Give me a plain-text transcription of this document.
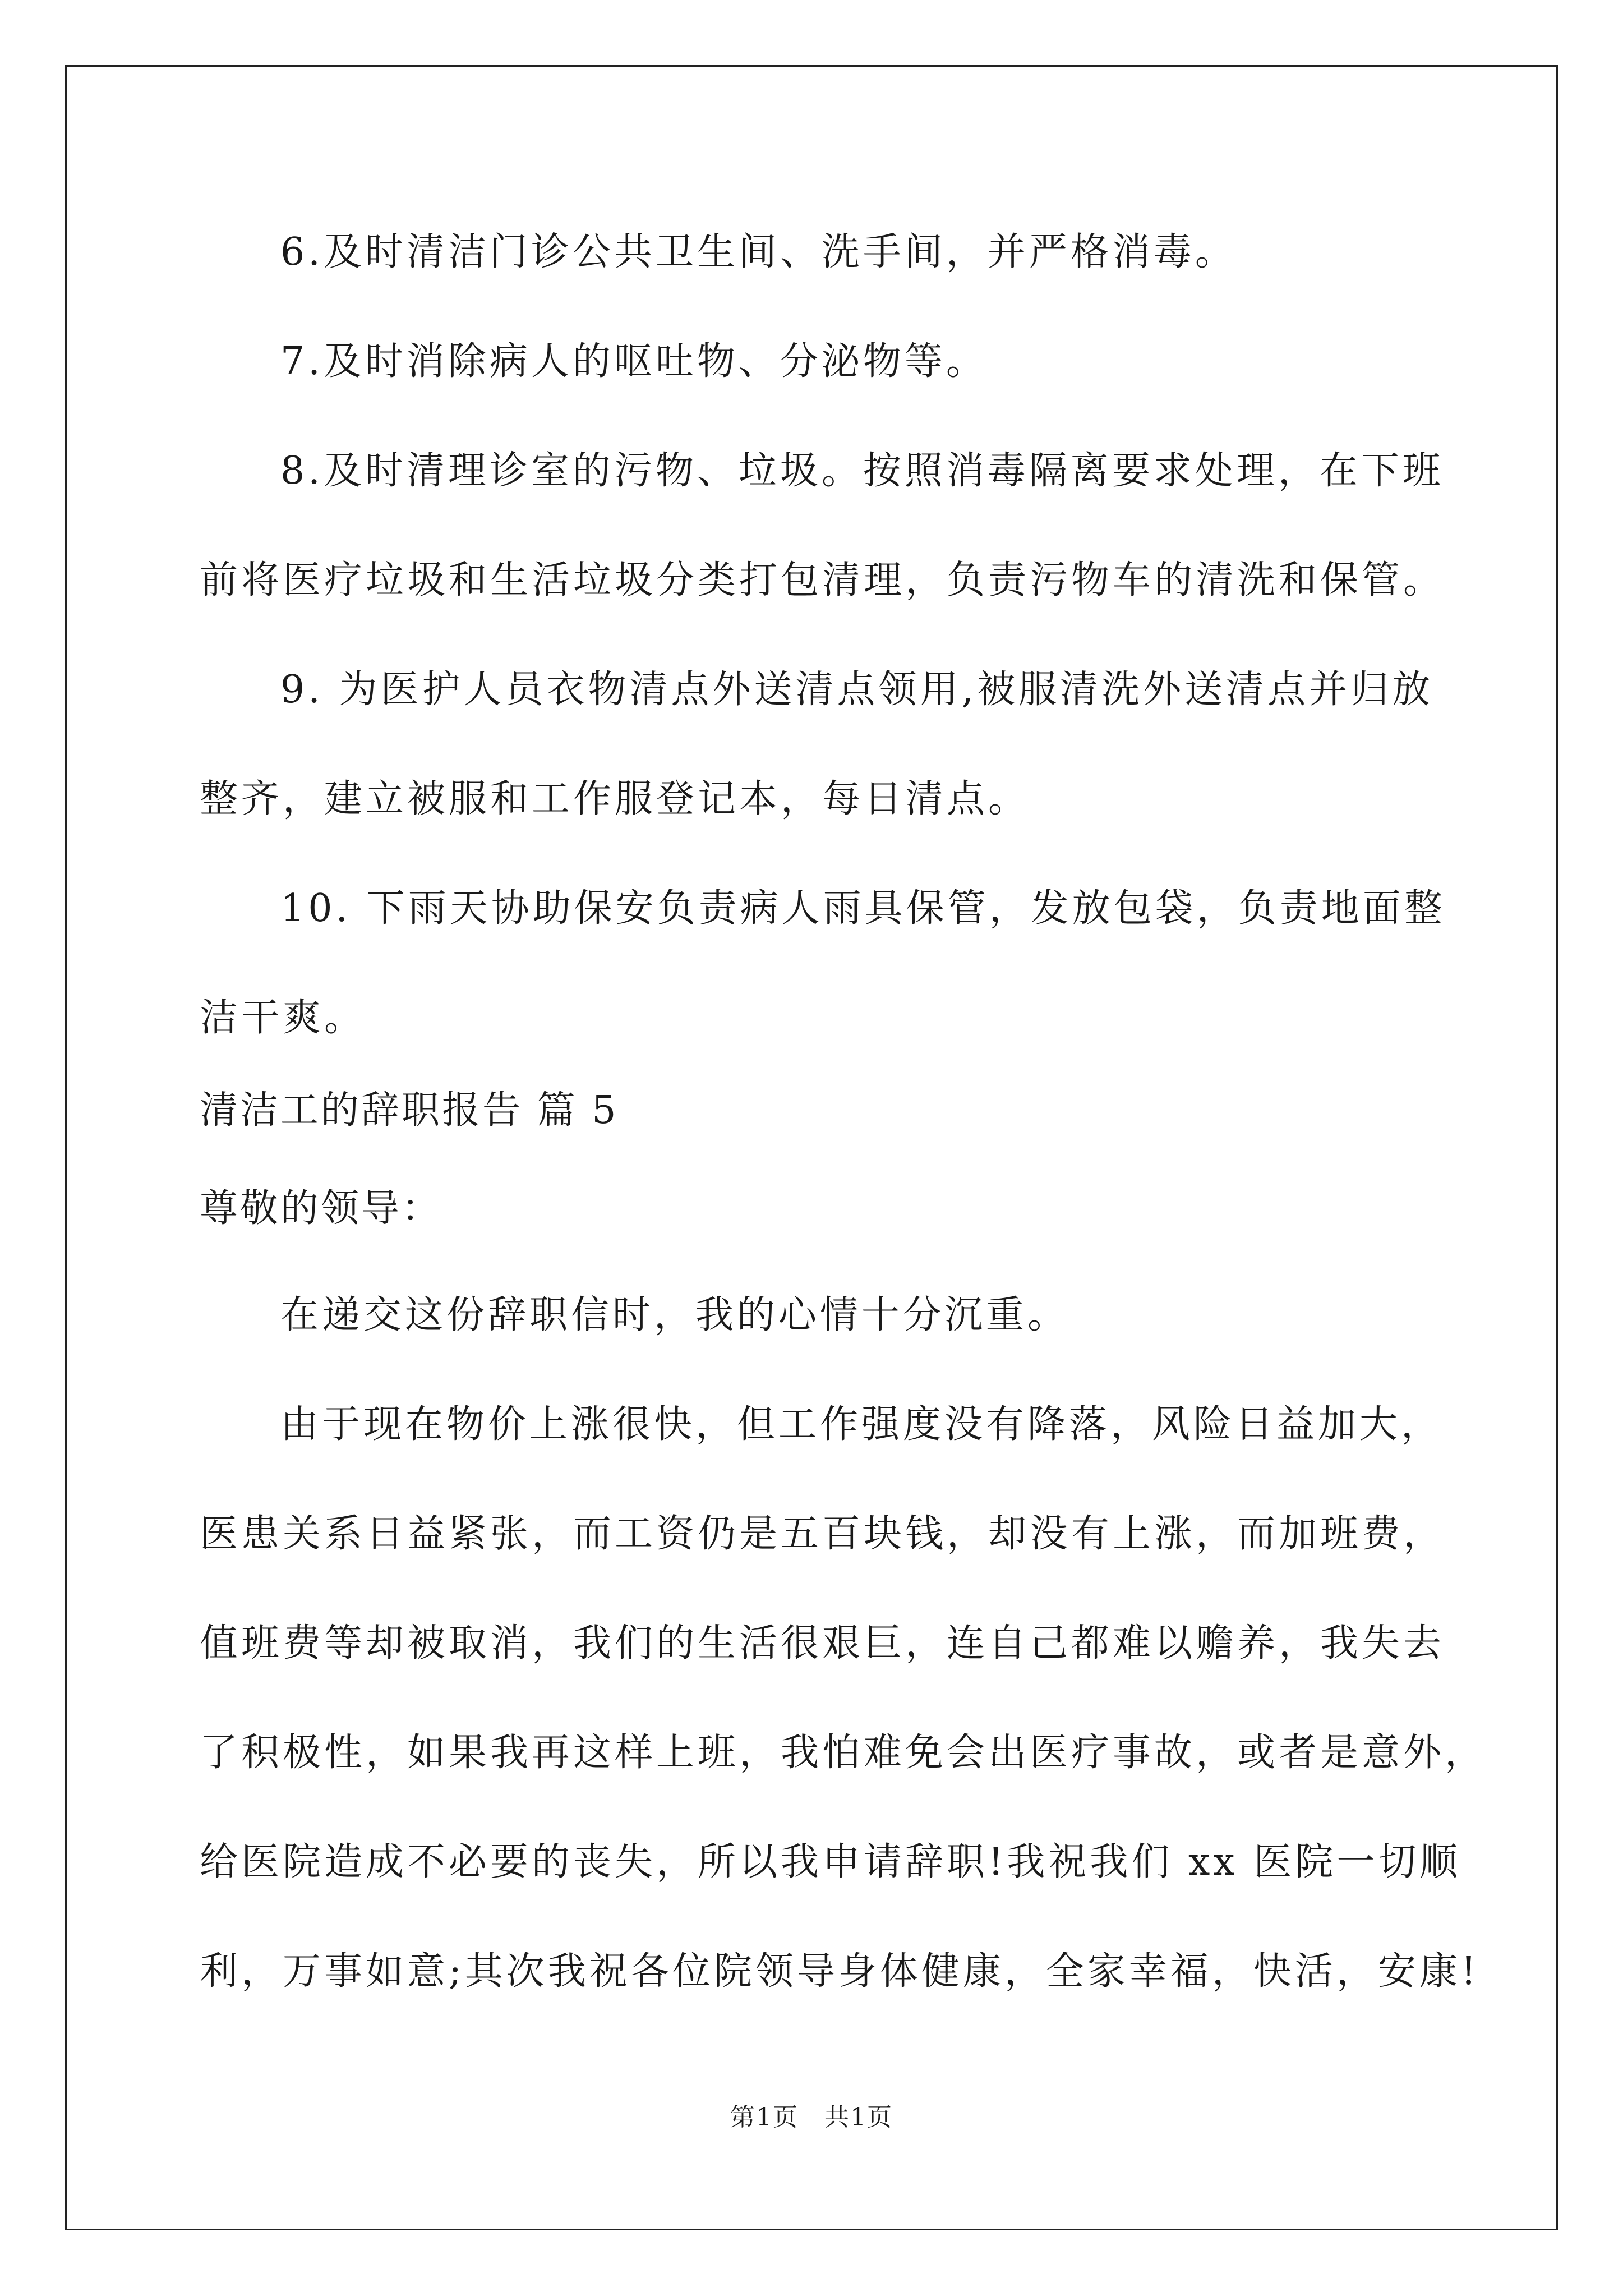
6.及时清洁门诊公共卫生间、洗手间，并严格消毒。
7.及时消除病人的呕吐物、分泌物等。
8.及时清理诊室的污物、垃圾。按照消毒隔离要求处理，在下班
前将医疗垃圾和生活垃圾分类打包清理，负责污物车的清洗和保管。
9. 为医护人员衣物清点外送清点领用,被服清洗外送清点并归放
整齐，建立被服和工作服登记本，每日清点。
10. 下雨天协助保安负责病人雨具保管，发放包袋，负责地面整
洁干爽。
清洁工的辞职报告 篇 5
尊敬的领导：
在递交这份辞职信时，我的心情十分沉重。
由于现在物价上涨很快，但工作强度没有降落，风险日益加大，
医患关系日益紧张，而工资仍是五百块钱，却没有上涨，而加班费，
值班费等却被取消，我们的生活很艰巨，连自己都难以赡养，我失去
了积极性，如果我再这样上班，我怕难免会出医疗事故，或者是意外，
给医院造成不必要的丧失，所以我申请辞职!我祝我们 xx 医院一切顺
利，万事如意;其次我祝各位院领导身体健康，全家幸福，快活，安康!
第1页　共1页
